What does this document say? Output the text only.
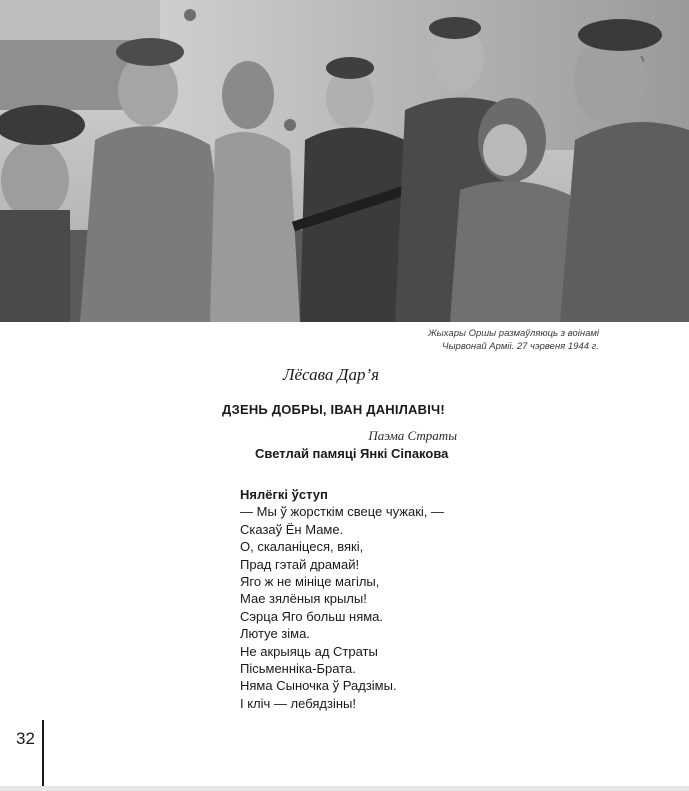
Жыхары Оршы размаўляюць з воінамі
Чырвонай Арміі. 27 чэрвеня 1944 г.
Лёсава Дар’я
ДЗЕНЬ ДОБРЫ, ІВАН ДАНІЛАВІЧ!
Паэма Страты
Светлай памяці Янкі Сіпакова
Нялёгкі ўступ
— Мы ў жорсткім свеце чужакі, —
Сказаў Ён Маме.
О, скаланіцеся, вякі,
Прад гэтай драмай!
Яго ж не мініце магілы,
Мае зялёныя крылы!
Сэрца Яго больш няма.
Лютуе зіма.
Не акрыяць ад Страты
Пісьменніка-Брата.
Няма Сыночка ў Радзімы.
І кліч — лебядзіны!
32
